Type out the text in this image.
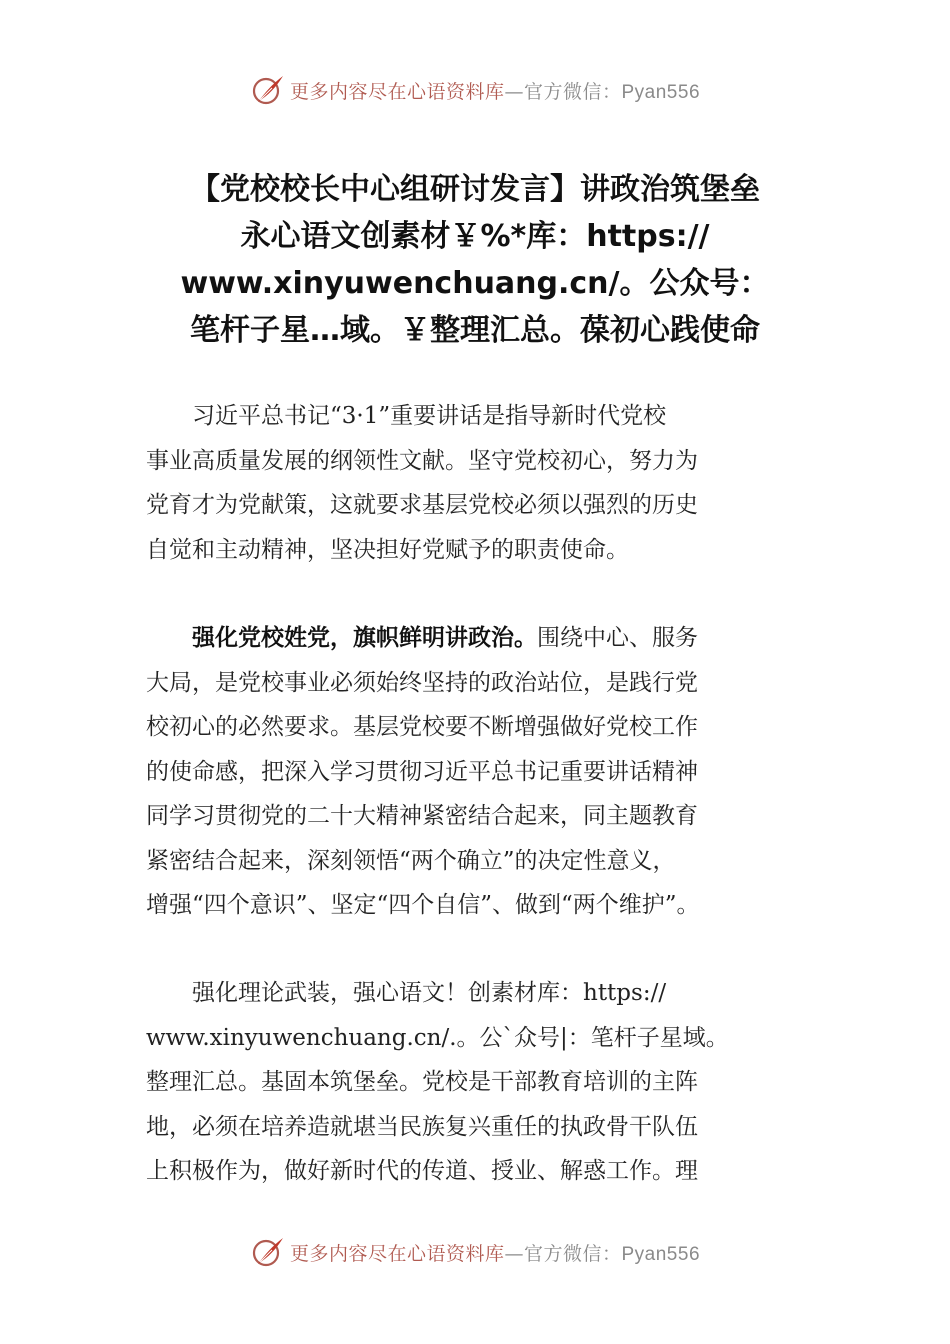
更多内容尽在心语资料库—官方微信：Pyan556
【党校校长中心组研讨发言】讲政治筑堡垒
永心语文创素材￥%*库：https://
www.xinyuwenchuang.cn/。公众号：
笔杆子星…域。￥整理汇总。葆初心践使命
　　习近平总书记“3·1”重要讲话是指导新时代党校
事业高质量发展的纲领性文献。坚守党校初心，努力为
党育才为党献策，这就要求基层党校必须以强烈的历史
自觉和主动精神，坚决担好党赋予的职责使命。
　　强化党校姓党，旗帜鲜明讲政治。围绕中心、服务
大局，是党校事业必须始终坚持的政治站位，是践行党
校初心的必然要求。基层党校要不断增强做好党校工作
的使命感，把深入学习贯彻习近平总书记重要讲话精神
同学习贯彻党的二十大精神紧密结合起来，同主题教育
紧密结合起来，深刻领悟“两个确立”的决定性意义，
增强“四个意识”、坚定“四个自信”、做到“两个维护”。
　　强化理论武装，强心语文！创素材库：https://
www.xinyuwenchuang.cn/.。公`众号|：笔杆子星域。
整理汇总。基固本筑堡垒。党校是干部教育培训的主阵
地，必须在培养造就堪当民族复兴重任的执政骨干队伍
上积极作为，做好新时代的传道、授业、解惑工作。理
更多内容尽在心语资料库—官方微信：Pyan556
